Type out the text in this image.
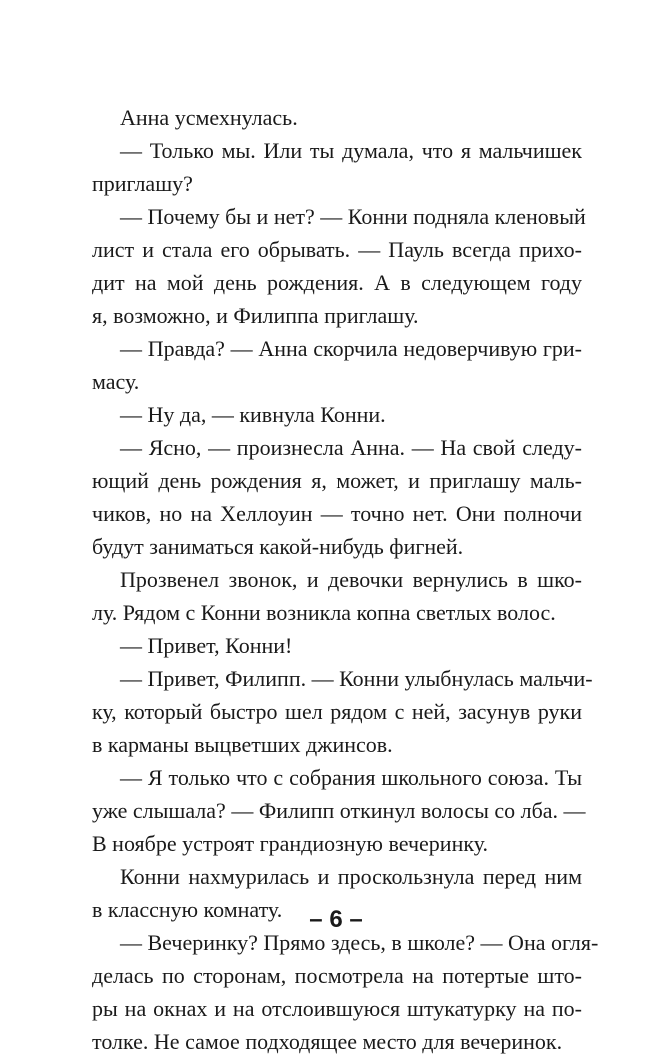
Анна усмехнулась.
— Только мы. Или ты думала, что я мальчишек
приглашу?
— Почему бы и нет? — Конни подняла кленовый
лист и стала его обрывать. — Пауль всегда прихо-
дит на мой день рождения. А в следующем году
я, возможно, и Филиппа приглашу.
— Правда? — Анна скорчила недоверчивую гри-
масу.
— Ну да, — кивнула Конни.
— Ясно, — произнесла Анна. — На свой следу-
ющий день рождения я, может, и приглашу маль-
чиков, но на Хеллоуин — точно нет. Они полночи
будут заниматься какой-нибудь фигней.
Прозвенел звонок, и девочки вернулись в шко-
лу. Рядом с Конни возникла копна светлых волос.
— Привет, Конни!
— Привет, Филипп. — Конни улыбнулась мальчи-
ку, который быстро шел рядом с ней, засунув руки
в карманы выцветших джинсов.
— Я только что с собрания школьного союза. Ты
уже слышала? — Филипп откинул волосы со лба. —
В ноябре устроят грандиозную вечеринку.
Конни нахмурилась и проскользнула перед ним
в классную комнату.
— Вечеринку? Прямо здесь, в школе? — Она огля-
делась по сторонам, посмотрела на потертые што-
ры на окнах и на отслоившуюся штукатурку на по-
толке. Не самое подходящее место для вечеринок.
– 6 –
